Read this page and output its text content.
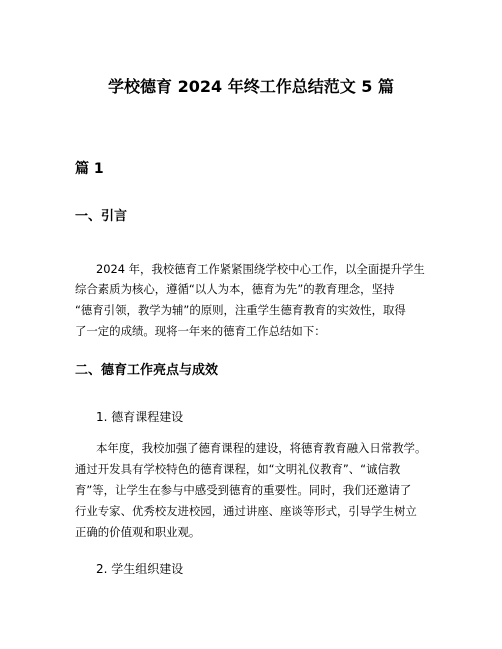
学校德育 2024 年终工作总结范文 5 篇
篇 1
一、引言
2024 年，我校德育工作紧紧围绕学校中心工作，以全面提升学生
综合素质为核心，遵循“以人为本，德育为先”的教育理念，坚持
“德育引领，教学为辅”的原则，注重学生德育教育的实效性，取得
了一定的成绩。现将一年来的德育工作总结如下：
二、德育工作亮点与成效
1. 德育课程建设
本年度，我校加强了德育课程的建设，将德育教育融入日常教学。
通过开发具有学校特色的德育课程，如“文明礼仪教育”、“诚信教
育”等，让学生在参与中感受到德育的重要性。同时，我们还邀请了
行业专家、优秀校友进校园，通过讲座、座谈等形式，引导学生树立
正确的价值观和职业观。
2. 学生组织建设
